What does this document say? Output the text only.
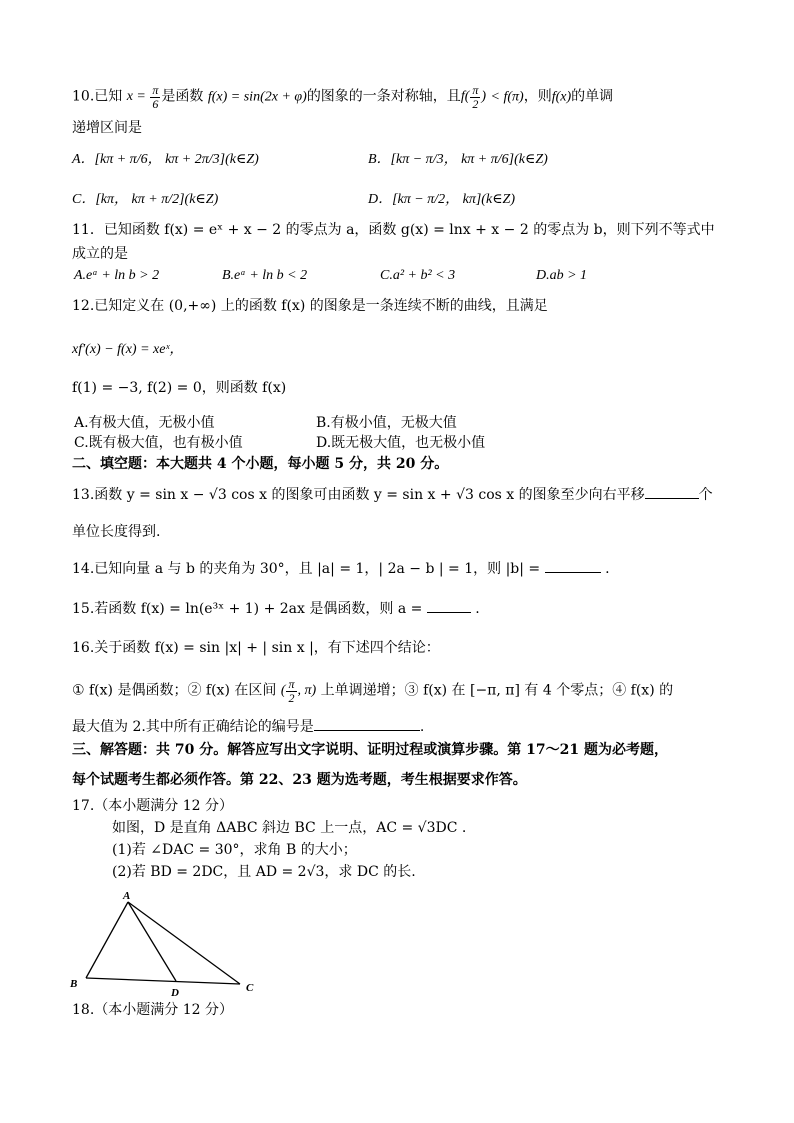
10.已知 $x = \frac{\pi}{6}$ 是函数 f(x) = sin(2x + φ)的图象的一条对称轴，且$f( \frac{\pi}{2}$ ) < f(π)，则f(x)的单调
递增区间是
A．[kπ + π/6， kπ + 2π/3](k∈Z)	B．[kπ − π/3， kπ + π/6](k∈Z)
C．[kπ， kπ + π/2](k∈Z)	D．[kπ − π/2， kπ](k∈Z)
11．已知函数 f(x) = eˣ + x − 2 的零点为 a，函数 g(x) = lnx + x − 2 的零点为 b，则下列不等式中
成立的是
A.eᵃ + ln b > 2	B.eᵃ + ln b < 2	C.a² + b² < 3	D.ab > 1
12.已知定义在 (0,+∞) 上的函数 f(x) 的图象是一条连续不断的曲线，且满足
xf′(x) − f(x) = xeˣ，
f(1) = −3, f(2) = 0，则函数 f(x)
A.有极大值，无极小值	B.有极小值，无极大值
C.既有极大值，也有极小值	D.既无极大值，也无极小值
二、填空题：本大题共 4 个小题，每小题 5 分，共 20 分。
13.函数 y = sin x − √3 cos x 的图象可由函数 y = sin x + √3 cos x 的图象至少向右平移	个
单位长度得到.
14.已知向量 a 与 b 的夹角为 30°，且 |a| = 1，| 2a − b | = 1，则 |b| =	.
15.若函数 f(x) = ln(e³ˣ + 1) + 2ax 是偶函数，则 a =	.
16.关于函数 f(x) = sin |x| + | sin x |，有下述四个结论：
① f(x) 是偶函数；② f(x) 在区间 ( $\frac{\pi}{2}$ , π) 上单调递增；③ f(x) 在 [−π, π] 有 4 个零点；④ f(x) 的
最大值为 2.其中所有正确结论的编号是	.
三、解答题：共 70 分。解答应写出文字说明、证明过程或演算步骤。第 17～21 题为必考题，
每个试题考生都必须作答。第 22、23 题为选考题，考生根据要求作答。
17.（本小题满分 12 分）
如图，D 是直角 ΔABC 斜边 BC 上一点，AC = √3DC .
(1)若 ∠DAC = 30°，求角 B 的大小；
(2)若 BD = 2DC，且 AD = 2√3，求 DC 的长.
A
B	C
D
18.（本小题满分 12 分）
